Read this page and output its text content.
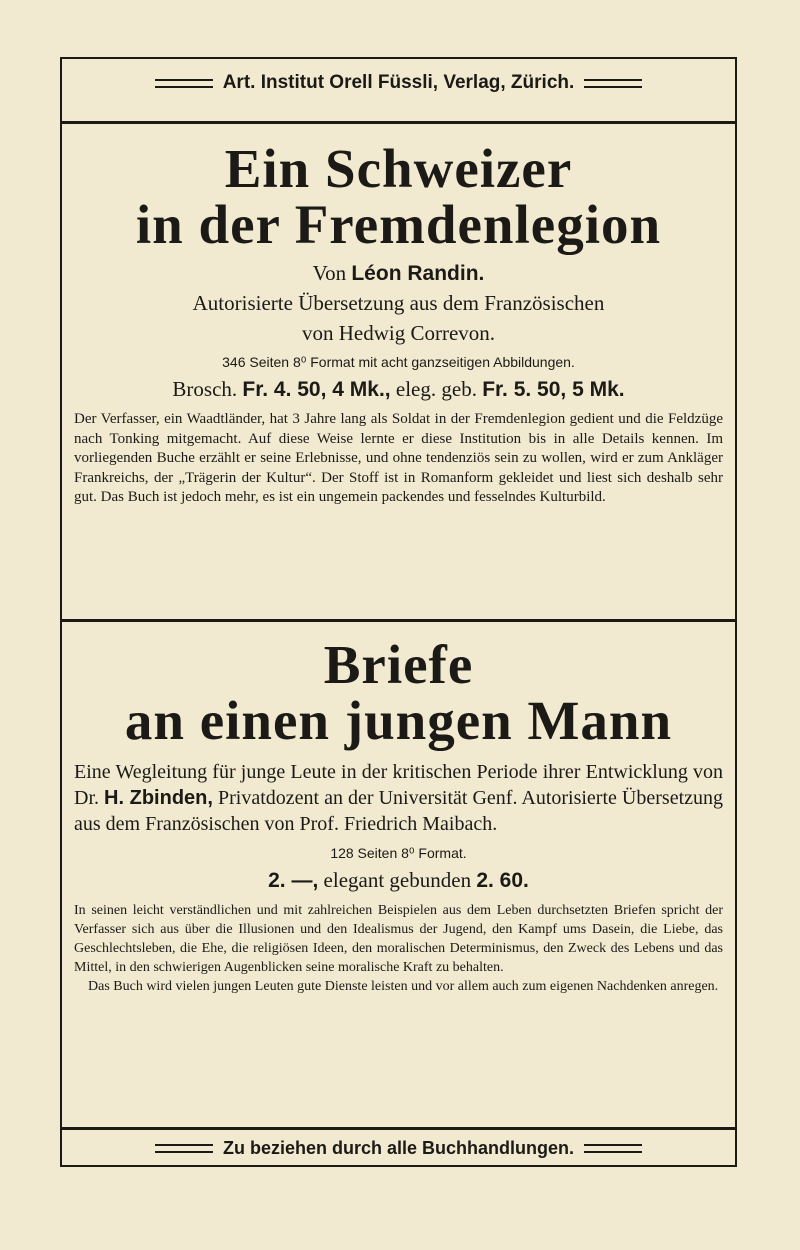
Art. Institut Orell Füssli, Verlag, Zürich.
Ein Schweizer
in der Fremdenlegion
Von Léon Randin.
Autorisierte Übersetzung aus dem Französischen
von Hedwig Correvon.
346 Seiten 8⁰ Format mit acht ganzseitigen Abbildungen.
Brosch. Fr. 4. 50, 4 Mk., eleg. geb. Fr. 5. 50, 5 Mk.

Der Verfasser, ein Waadtländer, hat 3 Jahre lang als Soldat in der Fremdenlegion gedient und die Feldzüge nach Tonking mitgemacht. Auf diese Weise lernte er diese Institution bis in alle Details kennen. Im vorliegenden Buche erzählt er seine Erlebnisse, und ohne tendenziös sein zu wollen, wird er zum Ankläger Frankreichs, der „Trägerin der Kultur“. Der Stoff ist in Romanform gekleidet und liest sich deshalb sehr gut. Das Buch ist jedoch mehr, es ist ein ungemein packendes und fesselndes Kulturbild.

Briefe
an einen jungen Mann

Eine Wegleitung für junge Leute in der kritischen Periode ihrer Entwicklung von Dr. H. Zbinden, Privatdozent an der Universität Genf. Autorisierte Übersetzung aus dem Französischen von Prof. Friedrich Maibach.

128 Seiten 8⁰ Format.
2. —, elegant gebunden 2. 60.

In seinen leicht verständlichen und mit zahlreichen Beispielen aus dem Leben durchsetzten Briefen spricht der Verfasser sich aus über die Illusionen und den Idealismus der Jugend, den Kampf ums Dasein, die Liebe, das Geschlechtsleben, die Ehe, die religiösen Ideen, den moralischen Determinismus, den Zweck des Lebens und das Mittel, in den schwierigen Augenblicken seine moralische Kraft zu behalten.

Das Buch wird vielen jungen Leuten gute Dienste leisten und vor allem auch zum eigenen Nachdenken anregen.

Zu beziehen durch alle Buchhandlungen.
